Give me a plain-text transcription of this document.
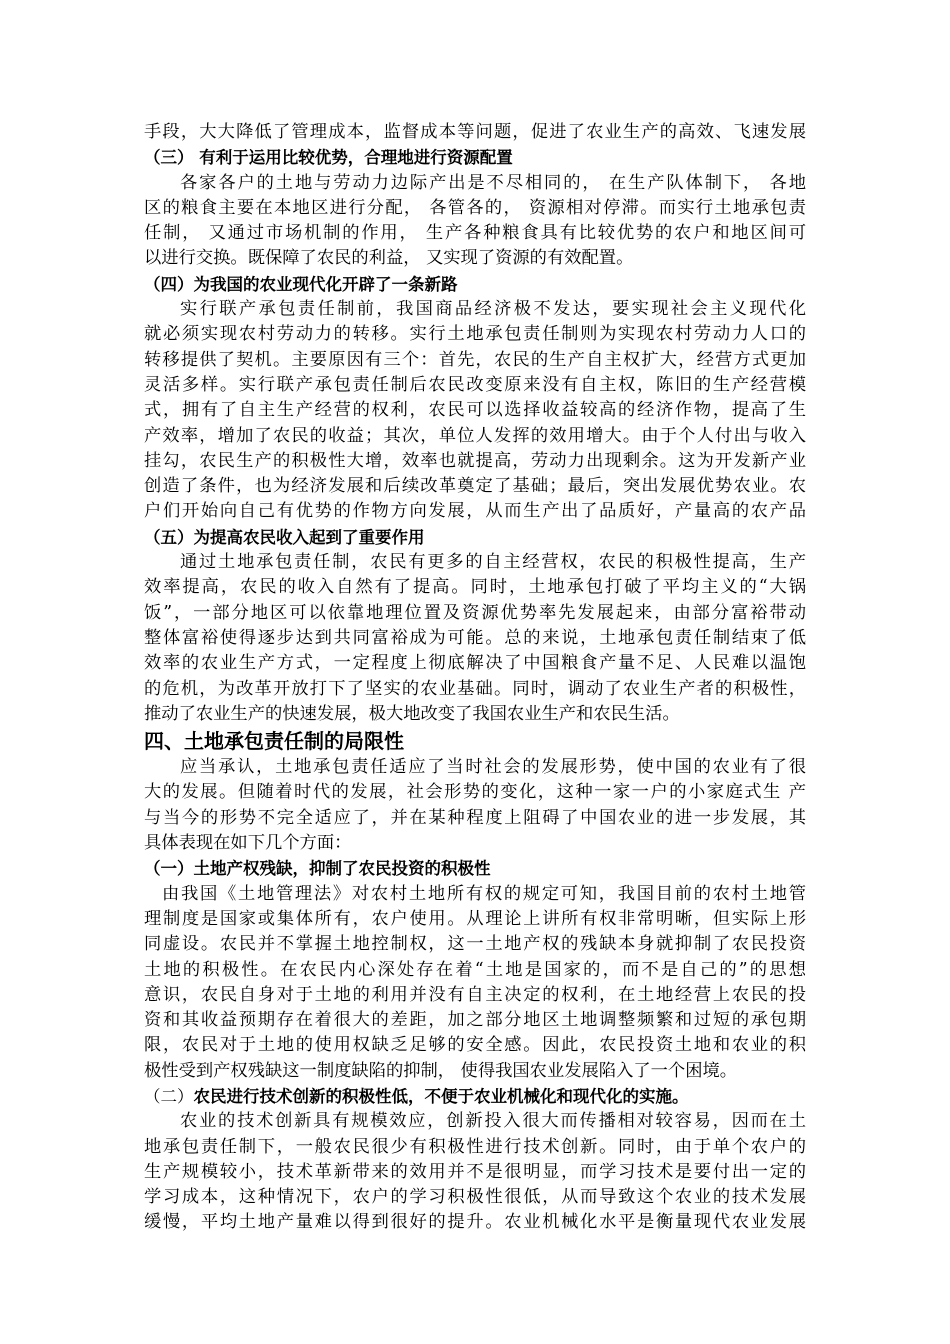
手段，大大降低了管理成本，监督成本等问题，促进了农业生产的高效、飞速发展
（三） 有利于运用比较优势，合理地进行资源配置
各家各户的土地与劳动力边际产出是不尽相同的， 在生产队体制下， 各地
区的粮食主要在本地区进行分配， 各管各的， 资源相对停滞。而实行土地承包责
任制， 又通过市场机制的作用， 生产各种粮食具有比较优势的农户和地区间可
以进行交换。既保障了农民的利益， 又实现了资源的有效配置。
（四）为我国的农业现代化开辟了一条新路
实行联产承包责任制前，我国商品经济极不发达，要实现社会主义现代化
就必须实现农村劳动力的转移。实行土地承包责任制则为实现农村劳动力人口的
转移提供了契机。主要原因有三个：首先，农民的生产自主权扩大，经营方式更加
灵活多样。实行联产承包责任制后农民改变原来没有自主权，陈旧的生产经营模
式，拥有了自主生产经营的权利，农民可以选择收益较高的经济作物，提高了生
产效率，增加了农民的收益；其次，单位人发挥的效用增大。由于个人付出与收入
挂勾，农民生产的积极性大增，效率也就提高，劳动力出现剩余。这为开发新产业
创造了条件，也为经济发展和后续改革奠定了基础；最后，突出发展优势农业。农
户们开始向自己有优势的作物方向发展，从而生产出了品质好，产量高的农产品
（五）为提高农民收入起到了重要作用
通过土地承包责任制，农民有更多的自主经营权，农民的积极性提高，生产
效率提高，农民的收入自然有了提高。同时，土地承包打破了平均主义的“大锅
饭”，一部分地区可以依靠地理位置及资源优势率先发展起来，由部分富裕带动
整体富裕使得逐步达到共同富裕成为可能。总的来说，土地承包责任制结束了低
效率的农业生产方式，一定程度上彻底解决了中国粮食产量不足、人民难以温饱
的危机，为改革开放打下了坚实的农业基础。同时，调动了农业生产者的积极性，
推动了农业生产的快速发展，极大地改变了我国农业生产和农民生活。
四、土地承包责任制的局限性
应当承认，土地承包责任适应了当时社会的发展形势，使中国的农业有了很
大的发展。但随着时代的发展，社会形势的变化，这种一家一户的小家庭式生 产
与当今的形势不完全适应了，并在某种程度上阻碍了中国农业的进一步发展，其
具体表现在如下几个方面：
（一）土地产权残缺，抑制了农民投资的积极性
由我国《土地管理法》对农村土地所有权的规定可知，我国目前的农村土地管
理制度是国家或集体所有，农户使用。从理论上讲所有权非常明晰，但实际上形
同虚设。农民并不掌握土地控制权，这一土地产权的残缺本身就抑制了农民投资
土地的积极性。在农民内心深处存在着“土地是国家的，而不是自己的”的思想
意识，农民自身对于土地的利用并没有自主决定的权利，在土地经营上农民的投
资和其收益预期存在着很大的差距，加之部分地区土地调整频繁和过短的承包期
限，农民对于土地的使用权缺乏足够的安全感。因此，农民投资土地和农业的积
极性受到产权残缺这一制度缺陷的抑制， 使得我国农业发展陷入了一个困境。
（二）农民进行技术创新的积极性低，不便于农业机械化和现代化的实施。
农业的技术创新具有规模效应，创新投入很大而传播相对较容易，因而在土
地承包责任制下，一般农民很少有积极性进行技术创新。同时，由于单个农户的
生产规模较小，技术革新带来的效用并不是很明显，而学习技术是要付出一定的
学习成本，这种情况下，农户的学习积极性很低，从而导致这个农业的技术发展
缓慢，平均土地产量难以得到很好的提升。农业机械化水平是衡量现代农业发展
